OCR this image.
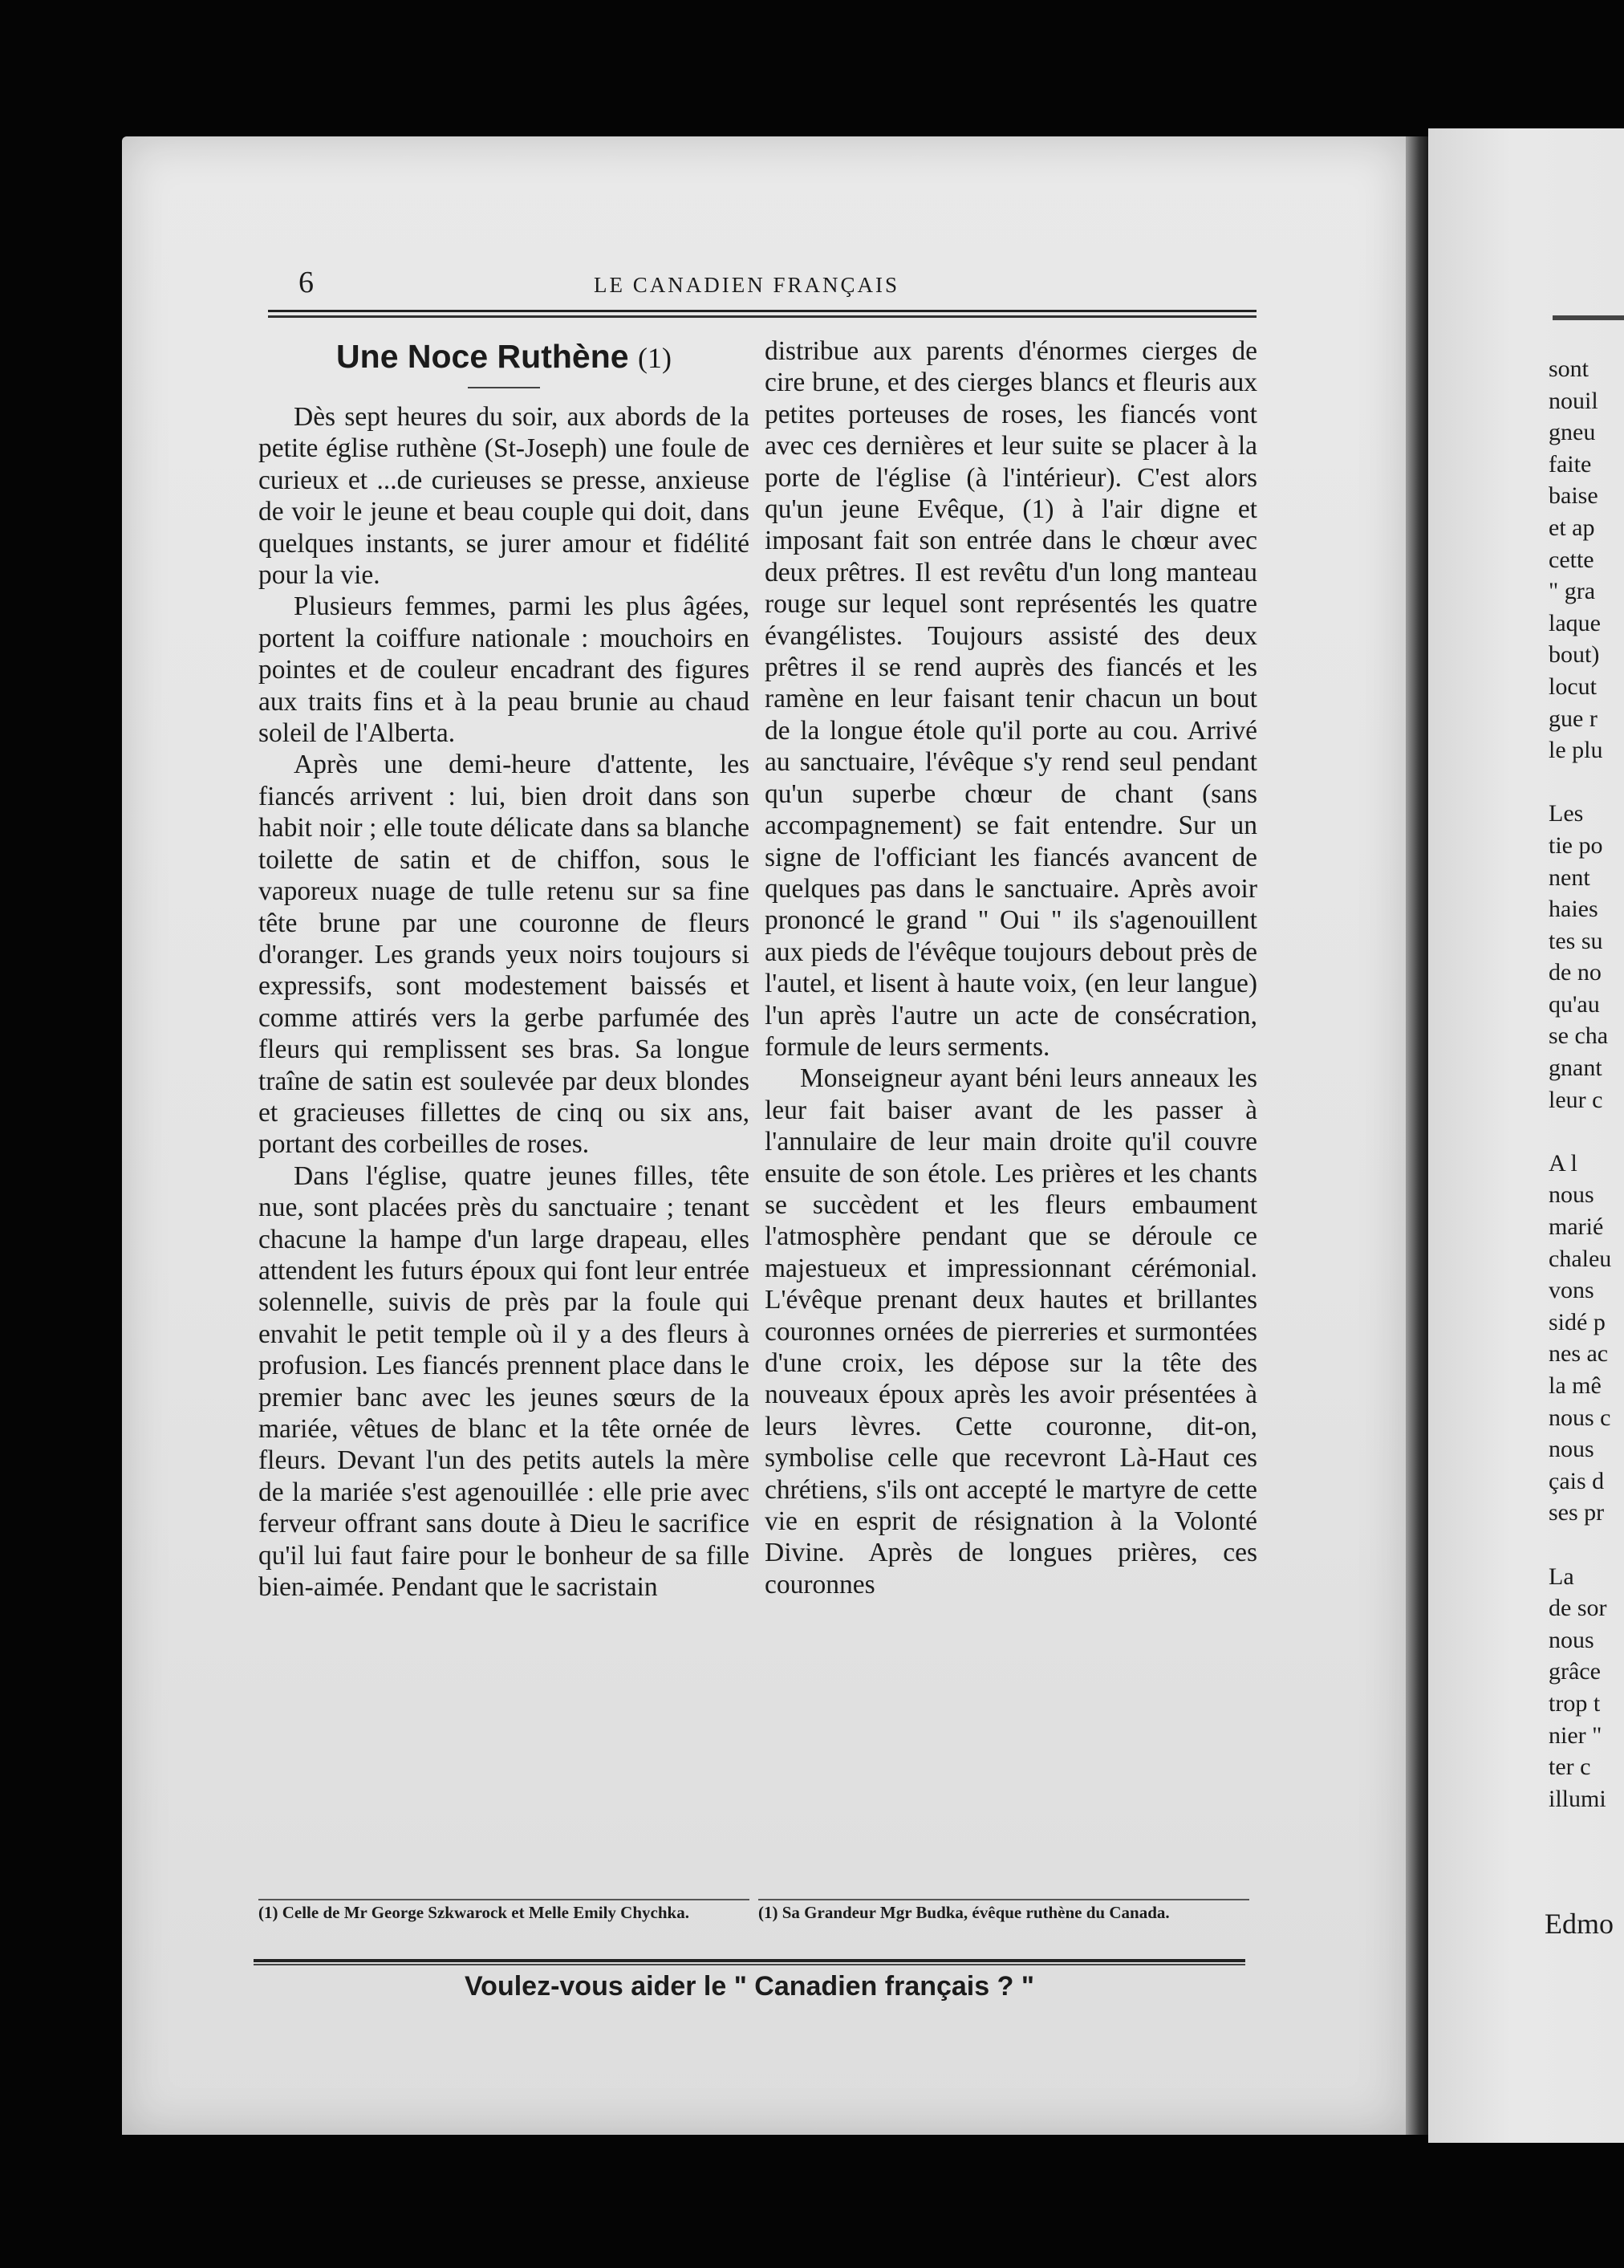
6	LE CANADIEN FRANÇAIS
Une Noce Ruthène (1)

Dès sept heures du soir, aux abords de la petite église ruthène (St-Joseph) une foule de curieux et ...de curieuses se presse, anxieuse de voir le jeune et beau couple qui doit, dans quelques instants, se jurer amour et fidélité pour la vie.

Plusieurs femmes, parmi les plus âgées, portent la coiffure nationale : mouchoirs en pointes et de couleur encadrant des figures aux traits fins et à la peau brunie au chaud soleil de l'Alberta.

Après une demi-heure d'attente, les fiancés arrivent : lui, bien droit dans son habit noir ; elle toute délicate dans sa blanche toilette de satin et de chiffon, sous le vaporeux nuage de tulle retenu sur sa fine tête brune par une couronne de fleurs d'oranger. Les grands yeux noirs toujours si expressifs, sont modestement baissés et comme attirés vers la gerbe parfumée des fleurs qui remplissent ses bras. Sa longue traîne de satin est soulevée par deux blondes et gracieuses fillettes de cinq ou six ans, portant des corbeilles de roses.

Dans l'église, quatre jeunes filles, tête nue, sont placées près du sanctuaire ; tenant chacune la hampe d'un large drapeau, elles attendent les futurs époux qui font leur entrée solennelle, suivis de près par la foule qui envahit le petit temple où il y a des fleurs à profusion. Les fiancés prennent place dans le premier banc avec les jeunes sœurs de la mariée, vêtues de blanc et la tête ornée de fleurs. Devant l'un des petits autels la mère de la mariée s'est agenouillée : elle prie avec ferveur offrant sans doute à Dieu le sacrifice qu'il lui faut faire pour le bonheur de sa fille bien-aimée. Pendant que le sacristain

distribue aux parents d'énormes cierges de cire brune, et des cierges blancs et fleuris aux petites porteuses de roses, les fiancés vont avec ces dernières et leur suite se placer à la porte de l'église (à l'intérieur). C'est alors qu'un jeune Evêque, (1) à l'air digne et imposant fait son entrée dans le chœur avec deux prêtres. Il est revêtu d'un long manteau rouge sur lequel sont représentés les quatre évangélistes. Toujours assisté des deux prêtres il se rend auprès des fiancés et les ramène en leur faisant tenir chacun un bout de la longue étole qu'il porte au cou. Arrivé au sanctuaire, l'évêque s'y rend seul pendant qu'un superbe chœur de chant (sans accompagnement) se fait entendre. Sur un signe de l'officiant les fiancés avancent de quelques pas dans le sanctuaire. Après avoir prononcé le grand " Oui " ils s'agenouillent aux pieds de l'évêque toujours debout près de l'autel, et lisent à haute voix, (en leur langue) l'un après l'autre un acte de consécration, formule de leurs serments.

Monseigneur ayant béni leurs anneaux les leur fait baiser avant de les passer à l'annulaire de leur main droite qu'il couvre ensuite de son étole. Les prières et les chants se succèdent et les fleurs embaument l'atmosphère pendant que se déroule ce majestueux et impressionnant cérémonial. L'évêque prenant deux hautes et brillantes couronnes ornées de pierreries et surmontées d'une croix, les dépose sur la tête des nouveaux époux après les avoir présentées à leurs lèvres. Cette couronne, dit-on, symbolise celle que recevront Là-Haut ces chrétiens, s'ils ont accepté le martyre de cette vie en esprit de résignation à la Volonté Divine. Après de longues prières, ces couronnes

(1) Celle de Mr George Szkwarock et Melle Emily Chychka.	(1) Sa Grandeur Mgr Budka, évêque ruthène du Canada.
Voulez-vous aider le " Canadien français ? "
sont
nouil
gneu
faite
baise
et ap
cette
" gra
laque
bout)
locut
gue r
le plu
Les
tie po
nent
haies
tes su
de no
qu'au
se cha
gnant
leur c
A l
nous
marié
chaleu
vons
sidé p
nes ac
la mê
nous c
nous
çais d
ses pr
La
de sor
nous
grâce
trop t
nier "
ter c
illumi
Edmo
